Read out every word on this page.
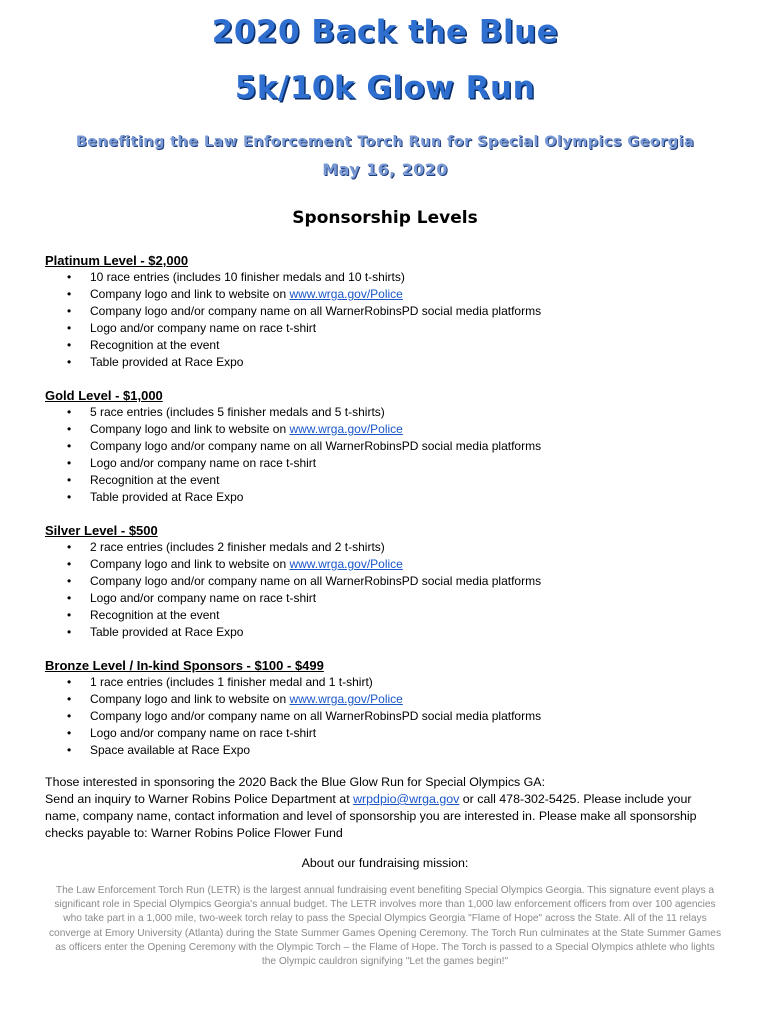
2020 Back the Blue
5k/10k Glow Run
Benefiting the Law Enforcement Torch Run for Special Olympics Georgia
May 16, 2020
Sponsorship Levels
Platinum Level - $2,000
• 10 race entries (includes 10 finisher medals and 10 t-shirts)
• Company logo and link to website on www.wrga.gov/Police
• Company logo and/or company name on all WarnerRobinsPD social media platforms
• Logo and/or company name on race t-shirt
• Recognition at the event
• Table provided at Race Expo
Gold Level - $1,000
• 5 race entries (includes 5 finisher medals and 5 t-shirts)
• Company logo and link to website on www.wrga.gov/Police
• Company logo and/or company name on all WarnerRobinsPD social media platforms
• Logo and/or company name on race t-shirt
• Recognition at the event
• Table provided at Race Expo
Silver Level - $500
• 2 race entries (includes 2 finisher medals and 2 t-shirts)
• Company logo and link to website on www.wrga.gov/Police
• Company logo and/or company name on all WarnerRobinsPD social media platforms
• Logo and/or company name on race t-shirt
• Recognition at the event
• Table provided at Race Expo
Bronze Level / In-kind Sponsors - $100 - $499
• 1 race entries (includes 1 finisher medal and 1 t-shirt)
• Company logo and link to website on www.wrga.gov/Police
• Company logo and/or company name on all WarnerRobinsPD social media platforms
• Logo and/or company name on race t-shirt
• Space available at Race Expo
Those interested in sponsoring the 2020 Back the Blue Glow Run for Special Olympics GA:
Send an inquiry to Warner Robins Police Department at wrpdpio@wrga.gov or call 478-302-5425. Please include your name, company name, contact information and level of sponsorship you are interested in. Please make all sponsorship checks payable to: Warner Robins Police Flower Fund
About our fundraising mission:
The Law Enforcement Torch Run (LETR) is the largest annual fundraising event benefiting Special Olympics Georgia. This signature event plays a significant role in Special Olympics Georgia's annual budget. The LETR involves more than 1,000 law enforcement officers from over 100 agencies who take part in a 1,000 mile, two-week torch relay to pass the Special Olympics Georgia "Flame of Hope" across the State. All of the 11 relays converge at Emory University (Atlanta) during the State Summer Games Opening Ceremony. The Torch Run culminates at the State Summer Games as officers enter the Opening Ceremony with the Olympic Torch – the Flame of Hope. The Torch is passed to a Special Olympics athlete who lights the Olympic cauldron signifying "Let the games begin!"
